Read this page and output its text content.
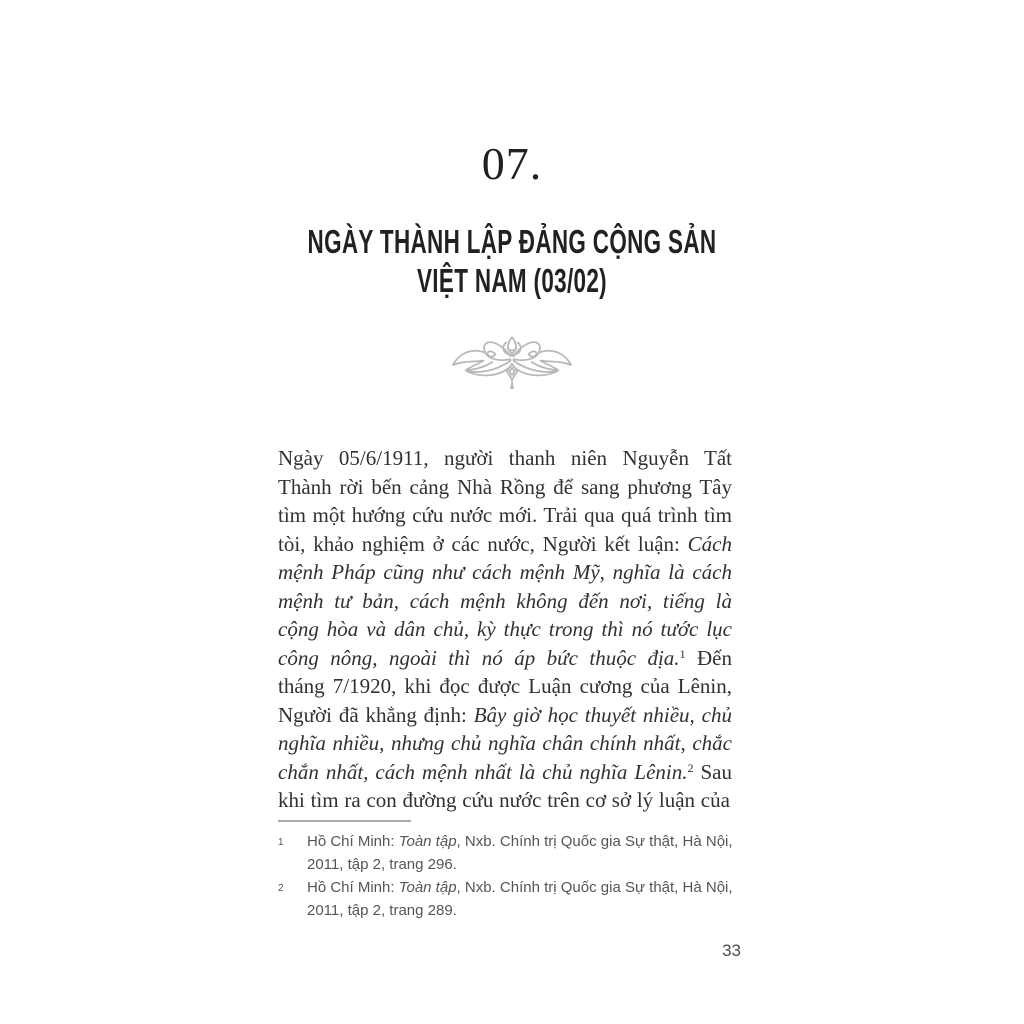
07.
NGÀY THÀNH LẬP ĐẢNG CỘNG SẢN
VIỆT NAM (03/02)

Ngày 05/6/1911, người thanh niên Nguyễn Tất Thành rời bến cảng Nhà Rồng để sang phương Tây tìm một hướng cứu nước mới. Trải qua quá trình tìm tòi, khảo nghiệm ở các nước, Người kết luận: Cách mệnh Pháp cũng như cách mệnh Mỹ, nghĩa là cách mệnh tư bản, cách mệnh không đến nơi, tiếng là cộng hòa và dân chủ, kỳ thực trong thì nó tước lục công nông, ngoài thì nó áp bức thuộc địa.$^1$ Đến tháng 7/1920, khi đọc được Luận cương của Lênin, Người đã khẳng định: Bây giờ học thuyết nhiều, chủ nghĩa nhiều, nhưng chủ nghĩa chân chính nhất, chắc chắn nhất, cách mệnh nhất là chủ nghĩa Lênin.$^2$ Sau khi tìm ra con đường cứu nước trên cơ sở lý luận của

1	Hồ Chí Minh: Toàn tập, Nxb. Chính trị Quốc gia Sự thật, Hà Nội, 2011, tập 2, trang 296.
2	Hồ Chí Minh: Toàn tập, Nxb. Chính trị Quốc gia Sự thật, Hà Nội, 2011, tập 2, trang 289.
33
